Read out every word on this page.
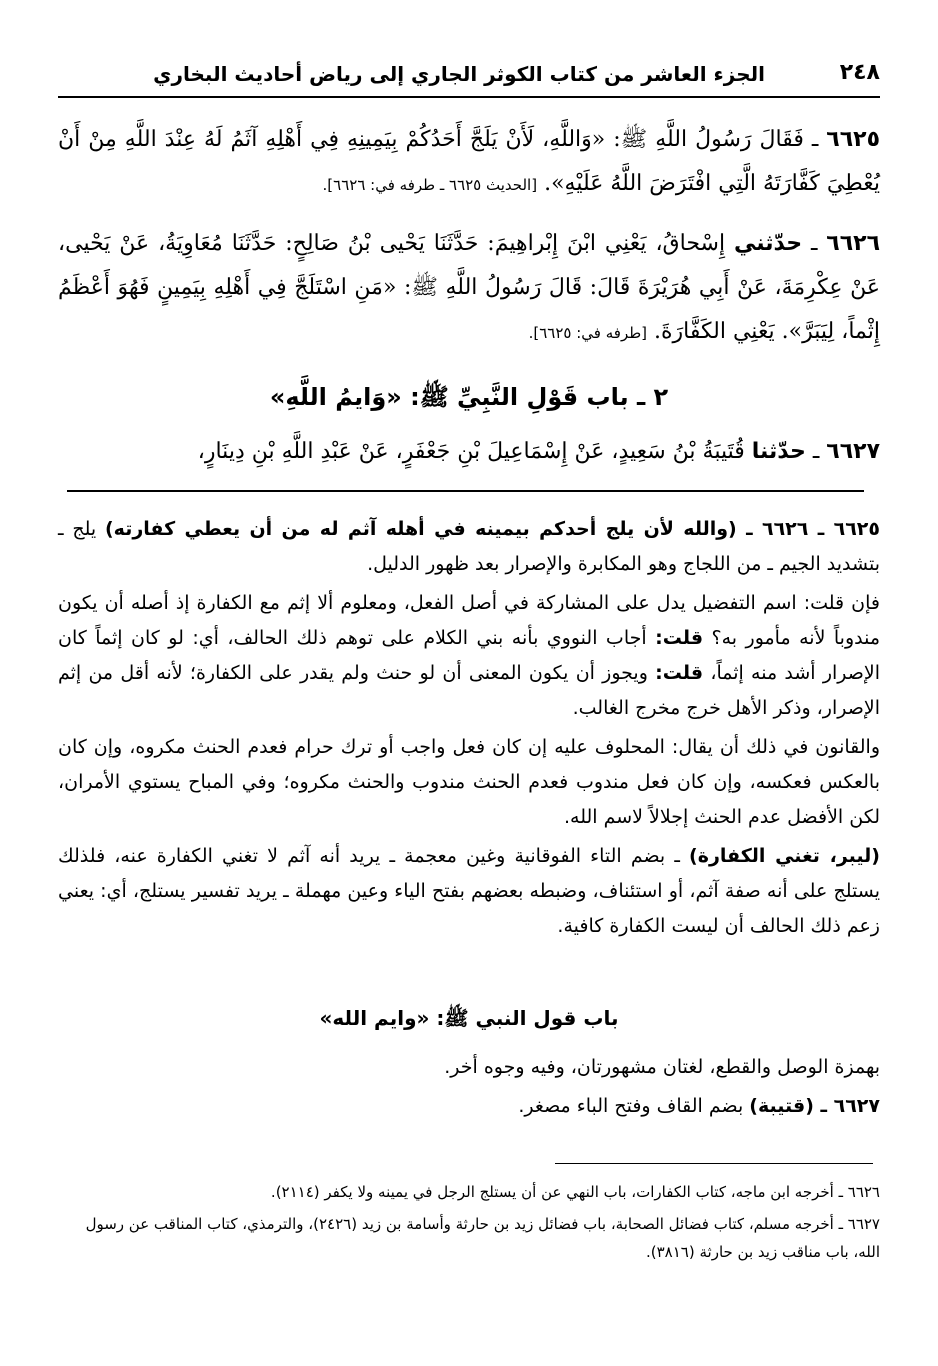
٢٤٨
الجزء العاشر من كتاب الكوثر الجاري إلى رياض أحاديث البخاري
٦٦٢٥ ـ فَقَالَ رَسُولُ اللَّهِ ﷺ: «وَاللَّهِ، لَأَنْ يَلَجَّ أَحَدُكُمْ بِيَمِينِهِ فِي أَهْلِهِ آثَمُ لَهُ عِنْدَ اللَّهِ مِنْ أَنْ يُعْطِيَ كَفَّارَتَهُ الَّتِي افْتَرَضَ اللَّهُ عَلَيْهِ». [الحديث ٦٦٢٥ ـ طرفه في: ٦٦٢٦].
٦٦٢٦ ـ حدّثني إِسْحاقُ، يَعْنِي ابْنَ إِبْراهِيمَ: حَدَّثَنَا يَحْيى بْنُ صَالِحٍ: حَدَّثَنَا مُعَاوِيَةُ، عَنْ يَحْيى، عَنْ عِكْرِمَةَ، عَنْ أَبِي هُرَيْرَةَ قَالَ: قَالَ رَسُولُ اللَّهِ ﷺ: «مَنِ اسْتَلَجَّ فِي أَهْلِهِ بِيَمِينٍ فَهُوَ أَعْظَمُ إِثْماً، لِيَبَرَّ». يَعْنِي الكَفَّارَةَ. [طرفه في: ٦٦٢٥].
٢ ـ باب قَوْلِ النَّبِيِّ ﷺ: «وَايمُ اللَّهِ»
٦٦٢٧ ـ حدّثنا قُتَيبَةُ بْنُ سَعِيدٍ، عَنْ إِسْمَاعِيلَ بْنِ جَعْفَرٍ، عَنْ عَبْدِ اللَّهِ بْنِ دِينَارٍ،

٦٦٢٥ ـ ٦٦٢٦ ـ (والله لأن يلج أحدكم بيمينه في أهله آثم له من أن يعطي كفارته) يلج ـ بتشديد الجيم ـ من اللجاج وهو المكابرة والإصرار بعد ظهور الدليل.

فإن قلت: اسم التفضيل يدل على المشاركة في أصل الفعل، ومعلوم ألا إثم مع الكفارة إذ أصله أن يكون مندوباً لأنه مأمور به؟ قلت: أجاب النووي بأنه بني الكلام على توهم ذلك الحالف، أي: لو كان إثماً كان الإصرار أشد منه إثماً، قلت: ويجوز أن يكون المعنى أن لو حنث ولم يقدر على الكفارة؛ لأنه أقل من إثم الإصرار، وذكر الأهل خرج مخرج الغالب.

والقانون في ذلك أن يقال: المحلوف عليه إن كان فعل واجب أو ترك حرام فعدم الحنث مكروه، وإن كان بالعكس فعكسه، وإن كان فعل مندوب فعدم الحنث مندوب والحنث مكروه؛ وفي المباح يستوي الأمران، لكن الأفضل عدم الحنث إجلالاً لاسم الله.

(ليبر، تغني الكفارة) ـ بضم التاء الفوقانية وغين معجمة ـ يريد أنه آثم لا تغني الكفارة عنه، فلذلك يستلج على أنه صفة آثم، أو استئناف، وضبطه بعضهم بفتح الياء وعين مهملة ـ يريد تفسير يستلج، أي: يعني زعم ذلك الحالف أن ليست الكفارة كافية.

باب قول النبي ﷺ: «وايم الله»

بهمزة الوصل والقطع، لغتان مشهورتان، وفيه وجوه أخر.

٦٦٢٧ ـ (قتيبة) بضم القاف وفتح الباء مصغر.

٦٦٢٦ ـ أخرجه ابن ماجه، كتاب الكفارات، باب النهي عن أن يستلج الرجل في يمينه ولا يكفر (٢١١٤).

٦٦٢٧ ـ أخرجه مسلم، كتاب فضائل الصحابة، باب فضائل زيد بن حارثة وأسامة بن زيد (٢٤٢٦)، والترمذي، كتاب المناقب عن رسول الله، باب مناقب زيد بن حارثة (٣٨١٦).
